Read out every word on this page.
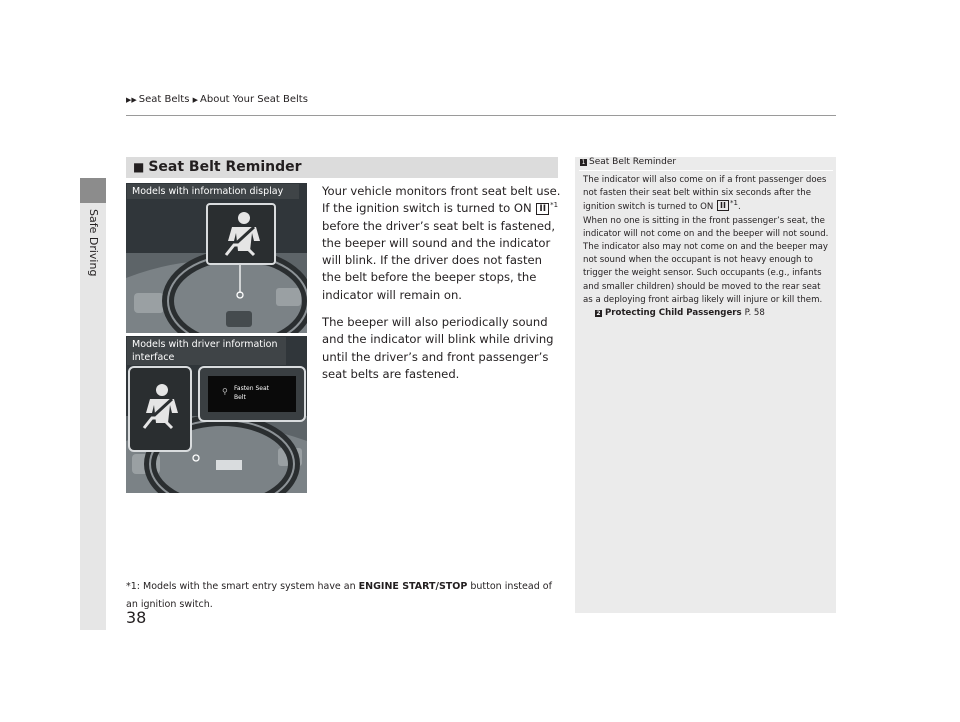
Safe Driving
▶▶ Seat Belts ▶ About Your Seat Belts
■ Seat Belt Reminder
Models with information display
Models with driver information interface
⚲ Fasten Seat
Belt

Your vehicle monitors front seat belt use. If the ignition switch is turned to ON II $^{*1}$ before the driver’s seat belt is fastened, the beeper will sound and the indicator will blink. If the driver does not fasten the belt before the beeper stops, the indicator will remain on.

The beeper will also periodically sound and the indicator will blink while driving until the driver’s and front passenger’s seat belts are fastened.

*1: Models with the smart entry system have an ENGINE START/STOP button instead of an ignition switch.
38
1 Seat Belt Reminder

The indicator will also come on if a front passenger does not fasten their seat belt within six seconds after the ignition switch is turned to ON II $^{*1}$.

When no one is sitting in the front passenger’s seat, the indicator will not come on and the beeper will not sound. The indicator also may not come on and the beeper may not sound when the occupant is not heavy enough to trigger the weight sensor. Such occupants (e.g., infants and smaller children) should be moved to the rear seat as a deploying front airbag likely will injure or kill them.

2 Protecting Child Passengers P. 58
